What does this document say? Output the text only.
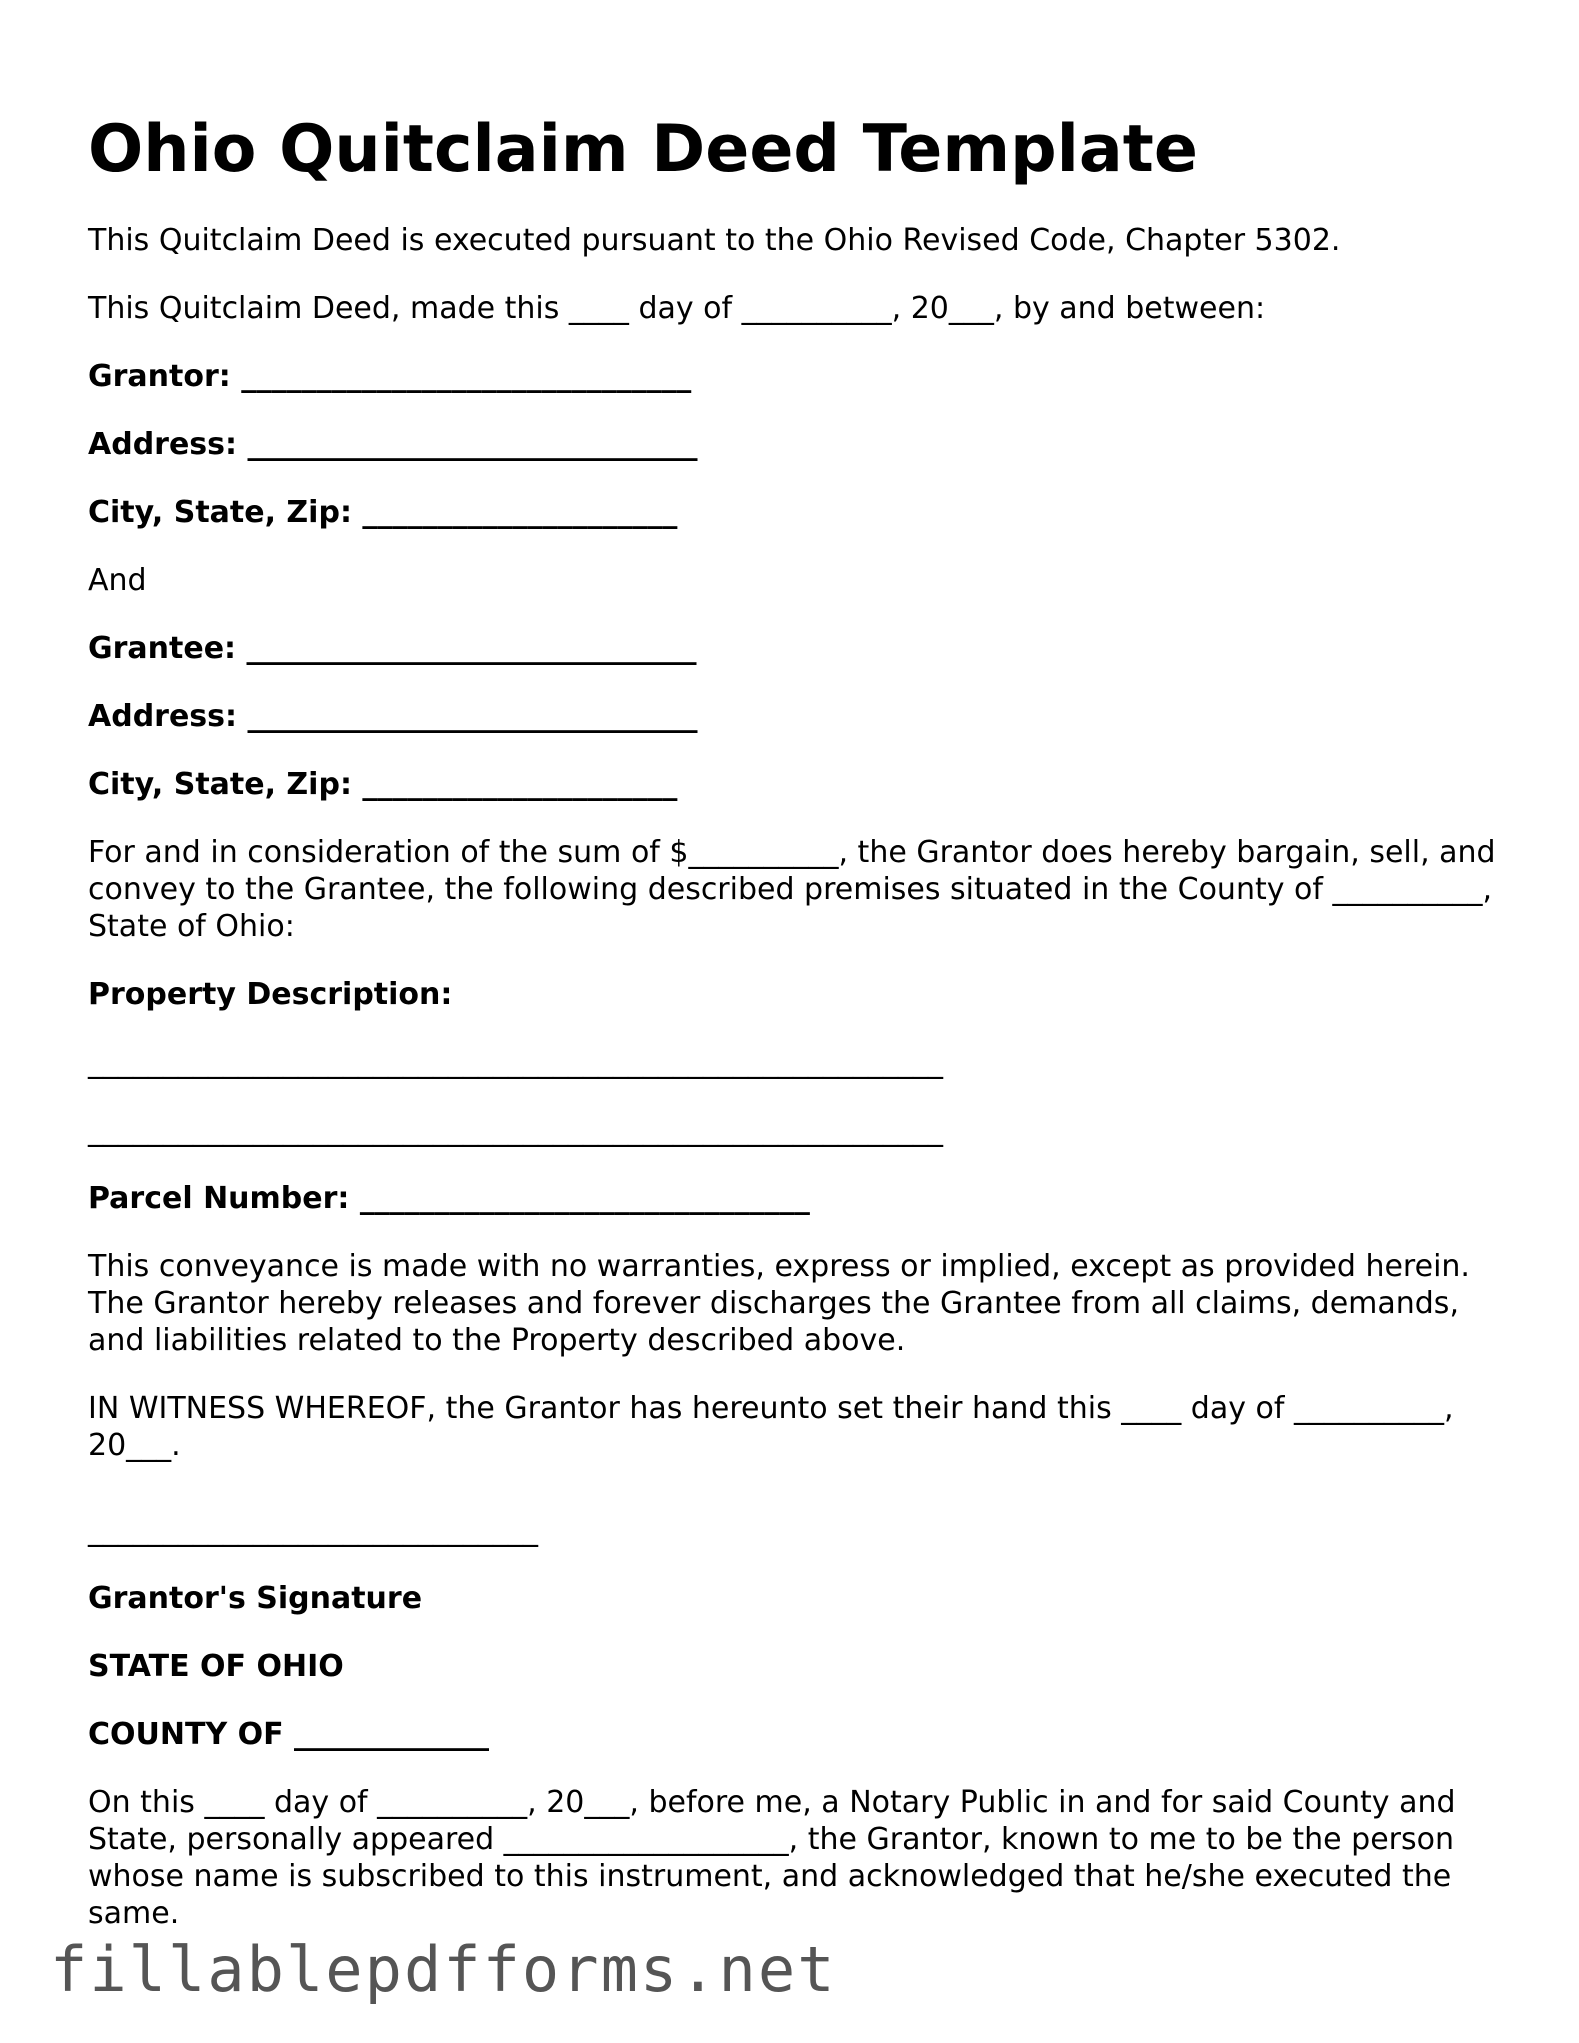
Ohio Quitclaim Deed Template

This Quitclaim Deed is executed pursuant to the Ohio Revised Code, Chapter 5302.

This Quitclaim Deed, made this ____ day of __________, 20___, by and between:

Grantor: ______________________________

Address: ______________________________

City, State, Zip: _____________________

And

Grantee: ______________________________

Address: ______________________________

City, State, Zip: _____________________

For and in consideration of the sum of $__________, the Grantor does hereby bargain, sell, and convey to the Grantee, the following described premises situated in the County of __________, State of Ohio:

Property Description:

_________________________________________________________

_________________________________________________________

Parcel Number: ______________________________

This conveyance is made with no warranties, express or implied, except as provided herein. The Grantor hereby releases and forever discharges the Grantee from all claims, demands, and liabilities related to the Property described above.

IN WITNESS WHEREOF, the Grantor has hereunto set their hand this ____ day of __________, 20___.

______________________________

Grantor's Signature

STATE OF OHIO

COUNTY OF _____________

On this ____ day of __________, 20___, before me, a Notary Public in and for said County and State, personally appeared ___________________, the Grantor, known to me to be the person whose name is subscribed to this instrument, and acknowledged that he/she executed the same.

fillablepdfforms.net
